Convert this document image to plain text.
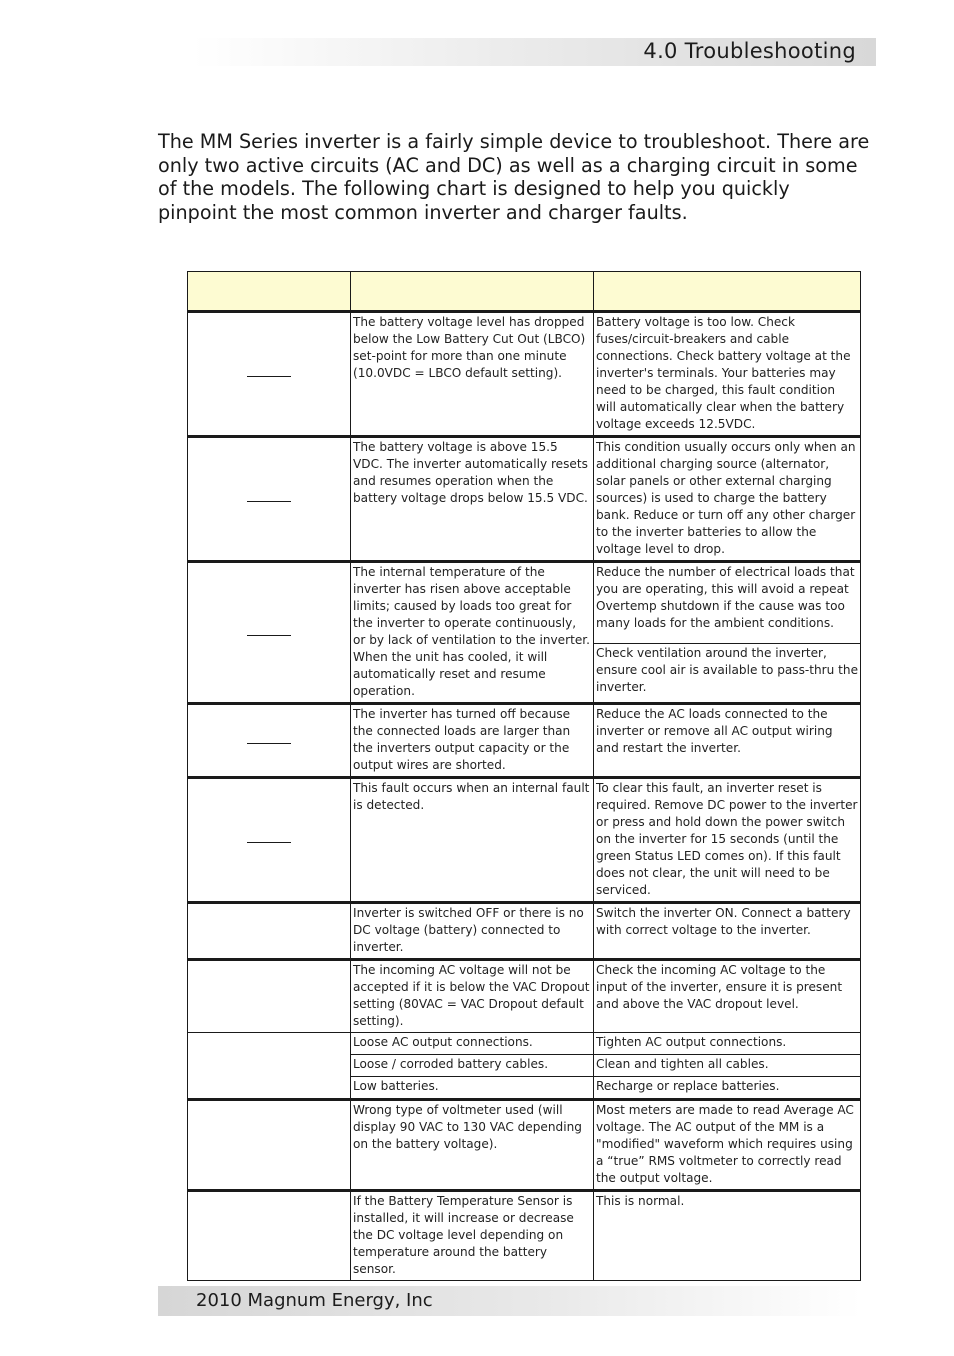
4.0 Troubleshooting

The MM Series inverter is a fairly simple device to troubleshoot. There are only two active circuits (AC and DC) as well as a charging circuit in some of the models. The following chart is designed to help you quickly pinpoint the most common inverter and charger faults.

	The battery voltage level has dropped below the Low Battery Cut Out (LBCO) set-point for more than one minute (10.0VDC = LBCO default setting).	Battery voltage is too low. Check fuses/circuit-breakers and cable connections. Check battery voltage at the inverter's terminals. Your batteries may need to be charged, this fault condition will automatically clear when the battery voltage exceeds 12.5VDC.
	The battery voltage is above 15.5 VDC. The inverter automatically resets and resumes operation when the battery voltage drops below 15.5 VDC.	This condition usually occurs only when an additional charging source (alternator, solar panels or other external charging sources) is used to charge the battery bank. Reduce or turn off any other charger to the inverter batteries to allow the voltage level to drop.
	The internal temperature of the inverter has risen above acceptable limits; caused by loads too great for the inverter to operate continuously, or by lack of ventilation to the inverter. When the unit has cooled, it will automatically reset and resume operation.	Reduce the number of electrical loads that you are operating, this will avoid a repeat Overtemp shutdown if the cause was too many loads for the ambient conditions.
		Check ventilation around the inverter, ensure cool air is available to pass-thru the inverter.
	The inverter has turned off because the connected loads are larger than the inverters output capacity or the output wires are shorted.	Reduce the AC loads connected to the inverter or remove all AC output wiring and restart the inverter.
	This fault occurs when an internal fault is detected.	To clear this fault, an inverter reset is required. Remove DC power to the inverter or press and hold down the power switch on the inverter for 15 seconds (until the green Status LED comes on). If this fault does not clear, the unit will need to be serviced.
	Inverter is switched OFF or there is no DC voltage (battery) connected to inverter.	Switch the inverter ON. Connect a battery with correct voltage to the inverter.
	The incoming AC voltage will not be accepted if it is below the VAC Dropout setting (80VAC = VAC Dropout default setting).	Check the incoming AC voltage to the input of the inverter, ensure it is present and above the VAC dropout level.
	Loose AC output connections.	Tighten AC output connections.
	Loose / corroded battery cables.	Clean and tighten all cables.
	Low batteries.	Recharge or replace batteries.
	Wrong type of voltmeter used (will display 90 VAC to 130 VAC depending on the battery voltage).	Most meters are made to read Average AC voltage. The AC output of the MM is a "modified" waveform which requires using a “true” RMS voltmeter to correctly read the output voltage.
	If the Battery Temperature Sensor is installed, it will increase or decrease the DC voltage level depending on temperature around the battery sensor.	This is normal.
2010 Magnum Energy, Inc
